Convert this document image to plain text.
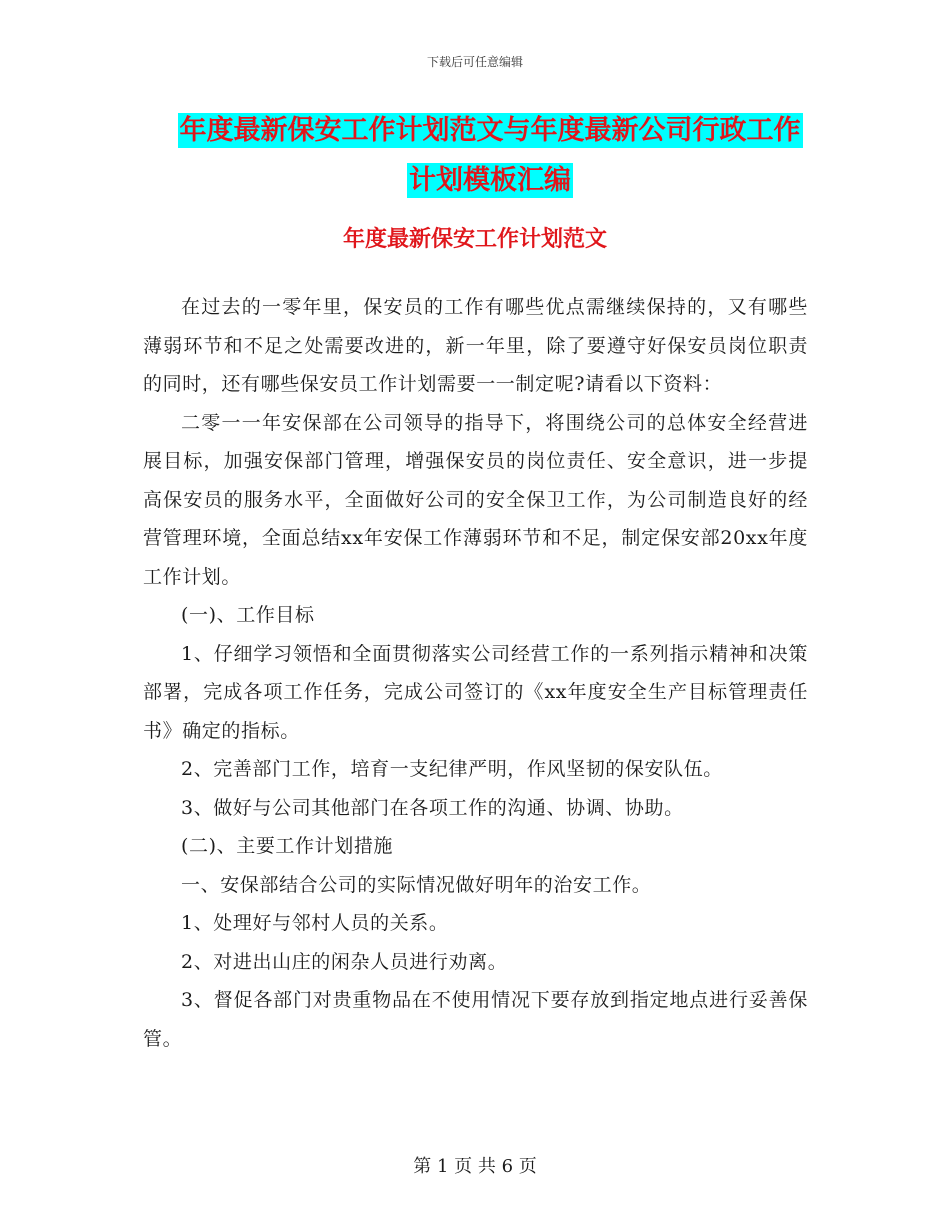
下载后可任意编辑
年度最新保安工作计划范文与年度最新公司行政工作
计划模板汇编
年度最新保安工作计划范文

在过去的一零年里，保安员的工作有哪些优点需继续保持的，又有哪些薄弱环节和不足之处需要改进的，新一年里，除了要遵守好保安员岗位职责的同时，还有哪些保安员工作计划需要一一制定呢?请看以下资料：

二零一一年安保部在公司领导的指导下，将围绕公司的总体安全经营进展目标，加强安保部门管理，增强保安员的岗位责任、安全意识，进一步提高保安员的服务水平，全面做好公司的安全保卫工作，为公司制造良好的经营管理环境，全面总结xx年安保工作薄弱环节和不足，制定保安部20xx年度工作计划。

(一)、工作目标

1、仔细学习领悟和全面贯彻落实公司经营工作的一系列指示精神和决策部署，完成各项工作任务，完成公司签订的《xx年度安全生产目标管理责任书》确定的指标。

2、完善部门工作，培育一支纪律严明，作风坚韧的保安队伍。

3、做好与公司其他部门在各项工作的沟通、协调、协助。

(二)、主要工作计划措施

一、安保部结合公司的实际情况做好明年的治安工作。

1、处理好与邻村人员的关系。

2、对进出山庄的闲杂人员进行劝离。

3、督促各部门对贵重物品在不使用情况下要存放到指定地点进行妥善保管。

第 1 页 共 6 页
